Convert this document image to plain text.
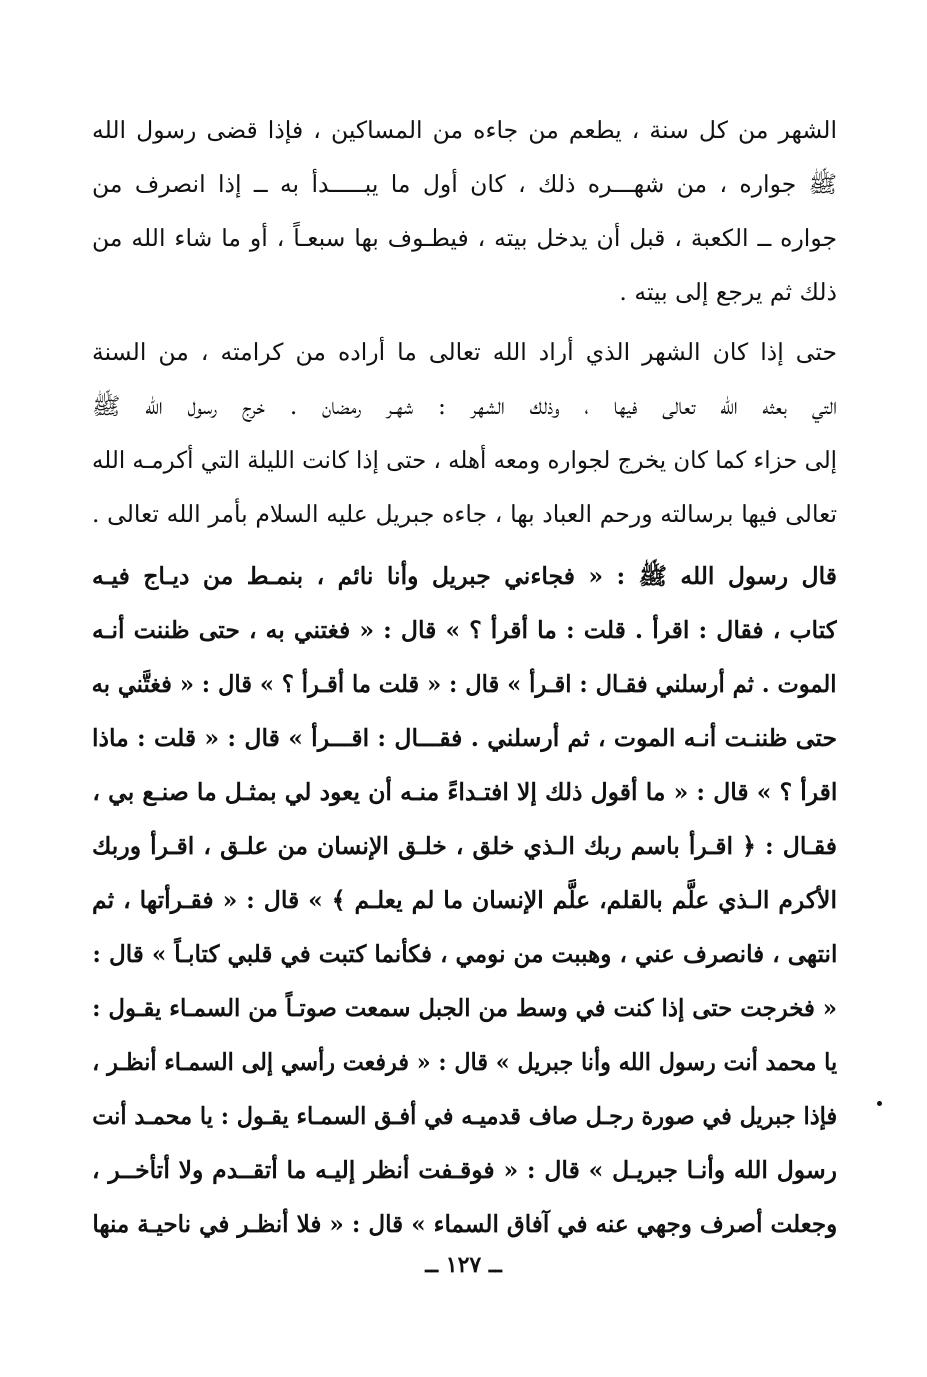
الشهر من كل سنة ، يطعم من جاءه من المساكين ، فإذا قضى رسول الله
ﷺ جواره ، من شهـــره ذلك ، كان أول ما يبـــــدأ به ــ إذا انصرف من
جواره ــ الكعبة ، قبل أن يدخل بيته ، فيطـوف بها سبعـاً ، أو ما شاء الله من
ذلك ثم يرجع إلى بيته .
حتى إذا كان الشهر الذي أراد الله تعالى ما أراده من كرامته ، من السنة
التي بعثه الله تعالى فيها ، وذلك الشهر : شهـر رمضان . خرج رسول الله ﷺ
إلى حزاء كما كان يخرج لجواره ومعه أهله ، حتى إذا كانت الليلة التي أكرمـه الله
تعالى فيها برسالته ورحم العباد بها ، جاءه جبريل عليه السلام بأمر الله تعالى .
قال رسول الله ﷺ : « فجاءني جبريل وأنا نائم ، بنمـط من ديـاج فيـه
كتاب ، فقال : اقرأ . قلت : ما أقرأ ؟ » قال : « فغتني به ، حتى ظننت أنـه
الموت . ثم أرسلني فقـال : اقـرأ » قال : « قلت ما أقـرأ ؟ » قال : « فغتَّني به
حتى ظننـت أنـه الموت ، ثم أرسلني . فقـــال : اقـــرأ » قال : « قلت : ماذا
اقرأ ؟ » قال : « ما أقول ذلك إلا افتـداءً منـه أن يعود لي بمثـل ما صنـع بي ،
فقـال : ﴿ اقـرأ باسم ربك الـذي خلق ، خلـق الإنسان من علـق ، اقـرأ وربك
الأكرم الـذي علَّم بالقلم، علَّم الإنسان ما لم يعلـم ﴾ » قال : « فقـرأتها ، ثم
انتهى ، فانصرف عني ، وهببت من نومي ، فكأنما كتبت في قلبي كتابـاً » قال :
« فخرجت حتى إذا كنت في وسط من الجبل سمعت صوتـاً من السمـاء يقـول :
يا محمد أنت رسول الله وأنا جبريل » قال : « فرفعت رأسي إلى السمـاء أنظـر ،
فإذا جبريل في صورة رجـل صاف قدميـه في أفـق السمـاء يقـول : يا محمـد أنت
رسول الله وأنـا جبريـل » قال : « فوقـفت أنظر إليـه ما أتقــدم ولا أتأخــر ،
وجعلت أصرف وجهي عنه في آفاق السماء » قال : « فلا أنظـر في ناحيـة منها
ــ ١٢٧ ــ
